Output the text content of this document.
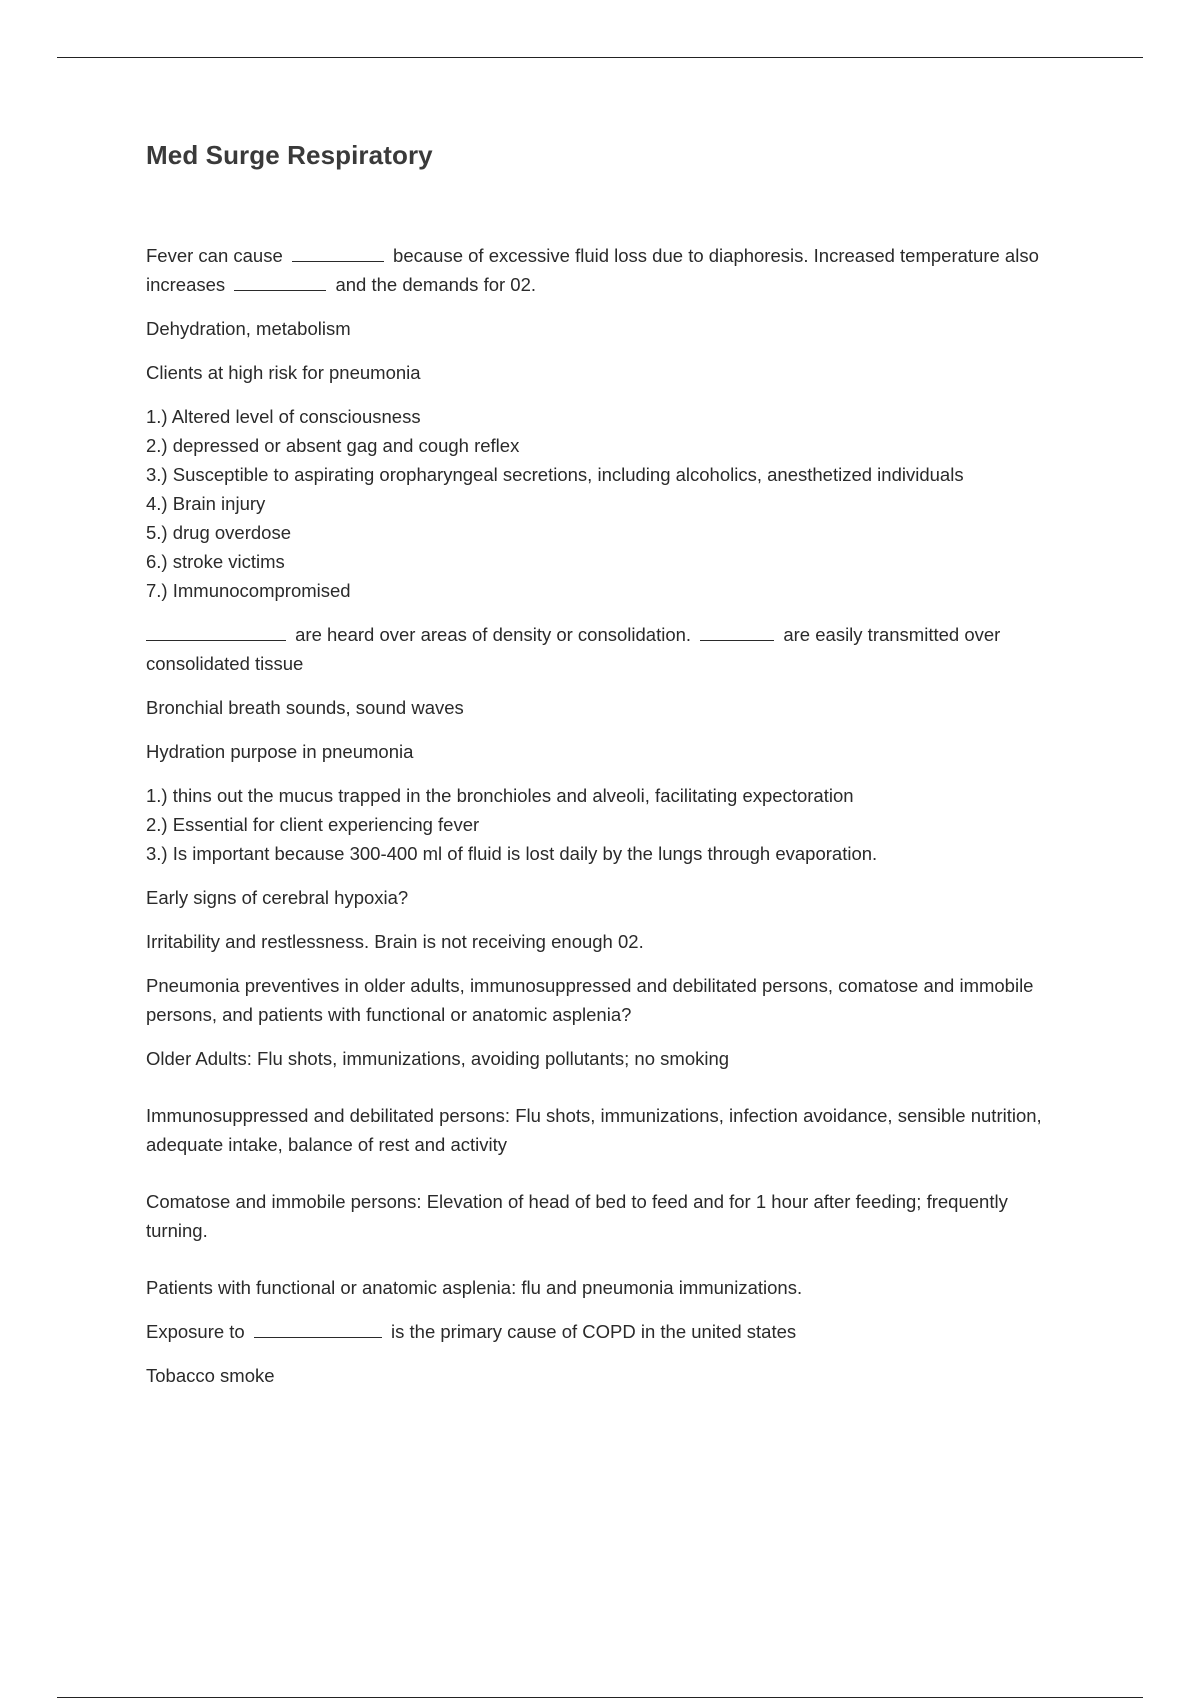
Med Surge Respiratory

Fever can cause	because of excessive fluid loss due to diaphoresis. Increased temperature also increases	and the demands for 02.

Dehydration, metabolism

Clients at high risk for pneumonia

1.) Altered level of consciousness
2.) depressed or absent gag and cough reflex
3.) Susceptible to aspirating oropharyngeal secretions, including alcoholics, anesthetized individuals
4.) Brain injury
5.) drug overdose
6.) stroke victims
7.) Immunocompromised

are heard over areas of density or consolidation.	are easily transmitted over consolidated tissue

Bronchial breath sounds, sound waves

Hydration purpose in pneumonia

1.) thins out the mucus trapped in the bronchioles and alveoli, facilitating expectoration
2.) Essential for client experiencing fever
3.) Is important because 300-400 ml of fluid is lost daily by the lungs through evaporation.

Early signs of cerebral hypoxia?

Irritability and restlessness. Brain is not receiving enough 02.

Pneumonia preventives in older adults, immunosuppressed and debilitated persons, comatose and immobile persons, and patients with functional or anatomic asplenia?

Older Adults: Flu shots, immunizations, avoiding pollutants; no smoking

Immunosuppressed and debilitated persons: Flu shots, immunizations, infection avoidance, sensible nutrition, adequate intake, balance of rest and activity

Comatose and immobile persons: Elevation of head of bed to feed and for 1 hour after feeding; frequently turning.

Patients with functional or anatomic asplenia: flu and pneumonia immunizations.

Exposure to	is the primary cause of COPD in the united states

Tobacco smoke
